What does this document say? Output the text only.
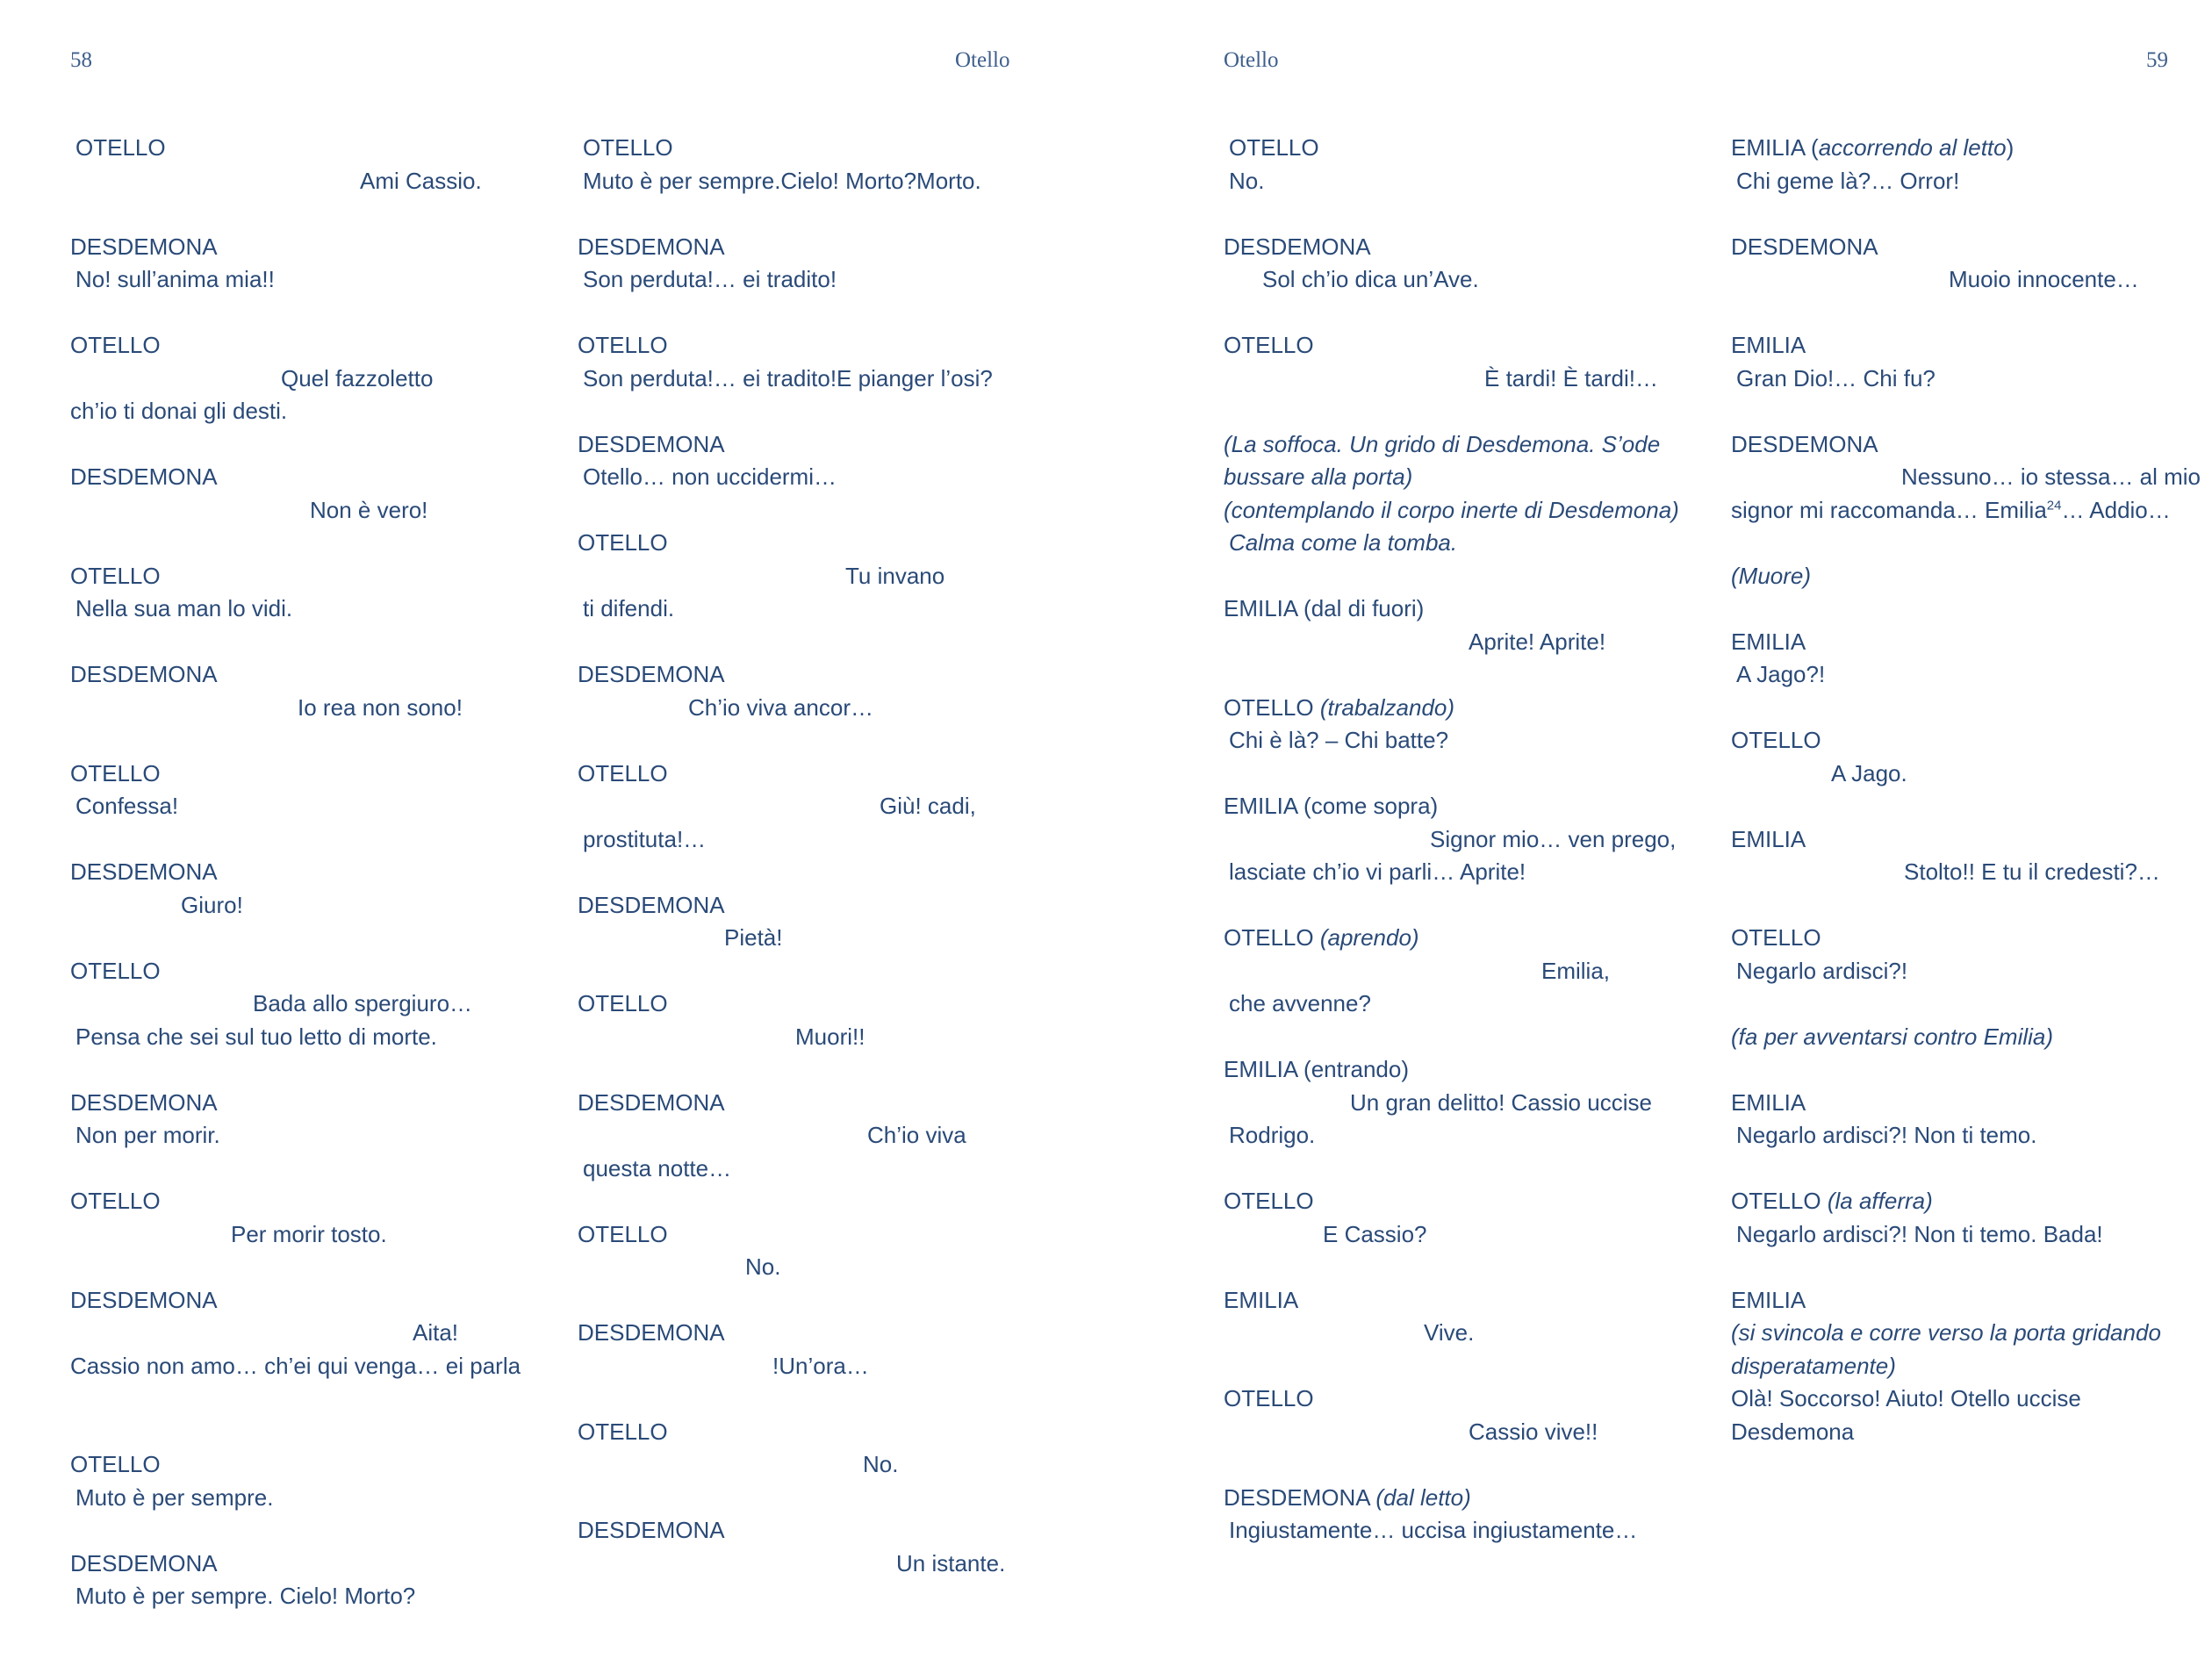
58	Otello	Otello	59
OTELLO
Ami Cassio.
DESDEMONA
No! sull’anima mia!!
OTELLO
Quel fazzoletto
ch’io ti donai gli desti.
DESDEMONA
Non è vero!
OTELLO
Nella sua man lo vidi.
DESDEMONA
Io rea non sono!
OTELLO
Confessa!
DESDEMONA
Giuro!
OTELLO
Bada allo spergiuro…
Pensa che sei sul tuo letto di morte.
DESDEMONA
Non per morir.
OTELLO
Per morir tosto.
DESDEMONA
Aita!
Cassio non amo… ch’ei qui venga… ei parla
OTELLO
Muto è per sempre.
DESDEMONA
Muto è per sempre. Cielo! Morto?
OTELLO
Muto è per sempre.Cielo! Morto?Morto.
DESDEMONA
Son perduta!… ei tradito!
OTELLO
Son perduta!… ei tradito!E pianger l’osi?
DESDEMONA
Otello… non uccidermi…
OTELLO
Tu invano
ti difendi.
DESDEMONA
Ch’io viva ancor…
OTELLO
Giù! cadi,
prostituta!…
DESDEMONA
Pietà!
OTELLO
Muori!!
DESDEMONA
Ch’io viva
questa notte…
OTELLO
No.
DESDEMONA
!Un’ora…
OTELLO
No.
DESDEMONA
Un istante.
OTELLO
No.
DESDEMONA
Sol ch’io dica un’Ave.
OTELLO
È tardi! È tardi!…
(La soffoca. Un grido di Desdemona. S’ode
bussare alla porta)
(contemplando il corpo inerte di Desdemona)
Calma come la tomba.
EMILIA (dal di fuori)
Aprite! Aprite!
OTELLO (trabalzando)
Chi è là? – Chi batte?
EMILIA (come sopra)
Signor mio… ven prego,
lasciate ch’io vi parli… Aprite!
OTELLO (aprendo)
Emilia,
che avvenne?
EMILIA (entrando)
Un gran delitto! Cassio uccise
Rodrigo.
OTELLO
E Cassio?
EMILIA
Vive.
OTELLO
Cassio vive!!
DESDEMONA (dal letto)
Ingiustamente… uccisa ingiustamente…
EMILIA (accorrendo al letto)
Chi geme là?… Orror!
DESDEMONA
Muoio innocente…
EMILIA
Gran Dio!… Chi fu?
DESDEMONA
Nessuno… io stessa… al mio
signor mi raccomanda… Emilia$^{24}$… Addio…
(Muore)
EMILIA
A Jago?!
OTELLO
A Jago.
EMILIA
Stolto!! E tu il credesti?…
OTELLO
Negarlo ardisci?!
(fa per avventarsi contro Emilia)
EMILIA
Negarlo ardisci?! Non ti temo.
OTELLO (la afferra)
Negarlo ardisci?! Non ti temo. Bada!
EMILIA
(si svincola e corre verso la porta gridando
disperatamente)
Olà! Soccorso! Aiuto! Otello uccise
Desdemona
